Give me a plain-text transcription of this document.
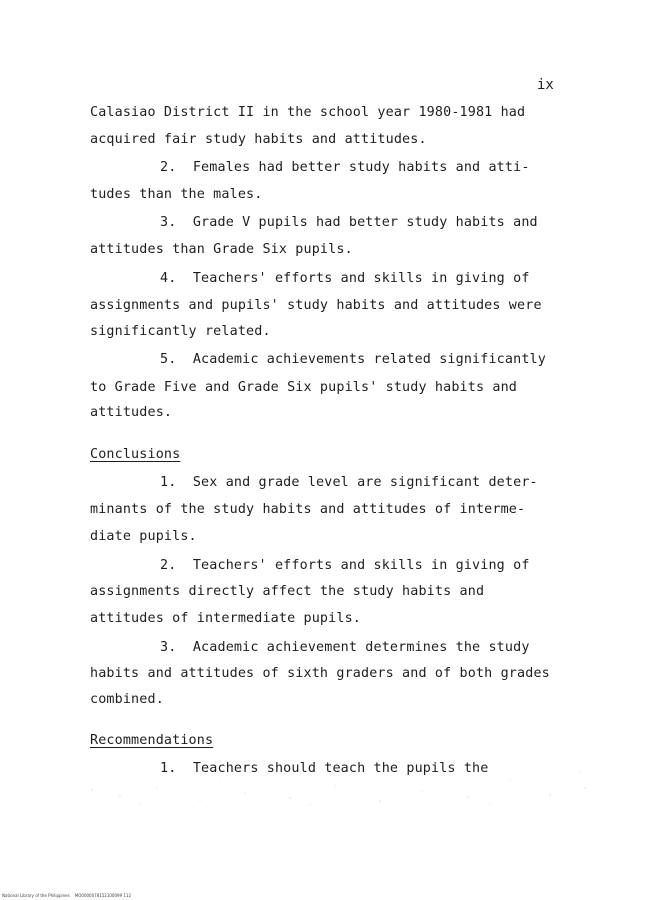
ix
Calasiao District II in the school year 1980-1981 had
acquired fair study habits and attitudes.
2.  Females had better study habits and atti-
tudes than the males.
3.  Grade V pupils had better study habits and
attitudes than Grade Six pupils.
4.  Teachers' efforts and skills in giving of
assignments and pupils' study habits and attitudes were
significantly related.
5.  Academic achievements related significantly
to Grade Five and Grade Six pupils' study habits and
attitudes.
Conclusions
1.  Sex and grade level are significant deter-
minants of the study habits and attitudes of interme-
diate pupils.
2.  Teachers' efforts and skills in giving of
assignments directly affect the study habits and
attitudes of intermediate pupils.
3.  Academic achievement determines the study
habits and attitudes of sixth graders and of both grades
combined.
Recommendations
1.  Teachers should teach the pupils the
National Library of the Philippines    MO0000078152100099 112
